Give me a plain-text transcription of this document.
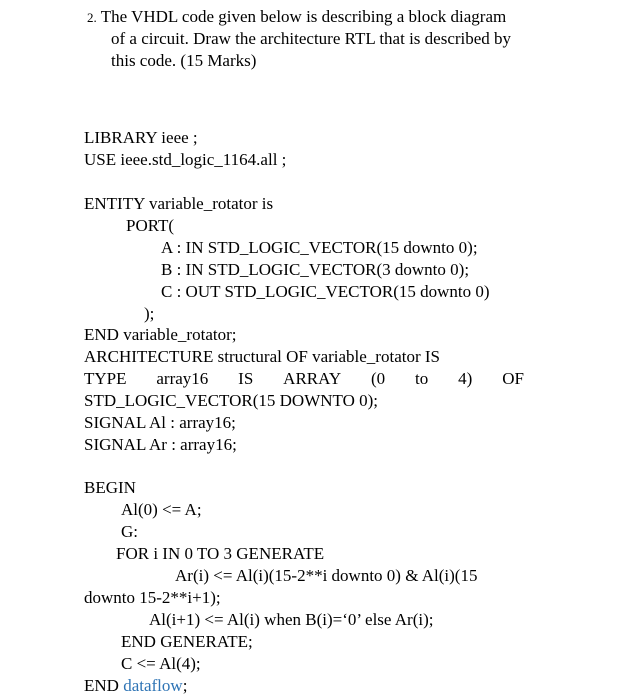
2. The VHDL code given below is describing a block diagram
of a circuit. Draw the architecture RTL that is described by
this code. (15 Marks)
LIBRARY ieee ;
USE ieee.std_logic_1164.all ;
ENTITY variable_rotator is
PORT(
A : IN STD_LOGIC_VECTOR(15 downto 0);
B : IN STD_LOGIC_VECTOR(3 downto 0);
C : OUT STD_LOGIC_VECTOR(15 downto 0)
);
END variable_rotator;
ARCHITECTURE structural OF variable_rotator IS
TYPE array16 IS ARRAY (0 to 4) OF
STD_LOGIC_VECTOR(15 DOWNTO 0);
SIGNAL Al : array16;
SIGNAL Ar : array16;
BEGIN
Al(0) <= A;
G:
FOR i IN 0 TO 3 GENERATE
Ar(i) <= Al(i)(15-2**i downto 0) & Al(i)(15
downto 15-2**i+1);
Al(i+1) <= Al(i) when B(i)=‘0’ else Ar(i);
END GENERATE;
C <= Al(4);
END dataflow;
